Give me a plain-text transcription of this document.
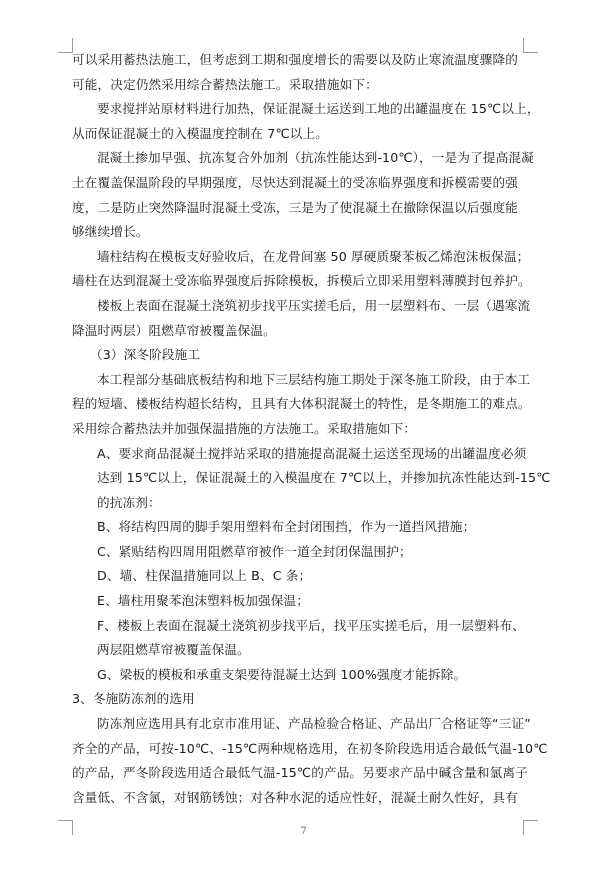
可以采用蓄热法施工，但考虑到工期和强度增长的需要以及防止寒流温度骤降的
可能，决定仍然采用综合蓄热法施工。采取措施如下：
要求搅拌站原材料进行加热，保证混凝土运送到工地的出罐温度在 15℃以上，
从而保证混凝土的入模温度控制在 7℃以上。
混凝土掺加早强、抗冻复合外加剂（抗冻性能达到-10℃），一是为了提高混凝
土在覆盖保温阶段的早期强度，尽快达到混凝土的受冻临界强度和拆模需要的强
度，二是防止突然降温时混凝土受冻，三是为了使混凝土在撤除保温以后强度能
够继续增长。
墙柱结构在模板支好验收后，在龙骨间塞 50 厚硬质聚苯板乙烯泡沫板保温；
墙柱在达到混凝土受冻临界强度后拆除模板，拆模后立即采用塑料薄膜封包养护。
楼板上表面在混凝土浇筑初步找平压实搓毛后，用一层塑料布、一层（遇寒流
降温时两层）阻燃草帘被覆盖保温。
（3）深冬阶段施工
本工程部分基础底板结构和地下三层结构施工期处于深冬施工阶段，由于本工
程的短墙、楼板结构超长结构，且具有大体积混凝土的特性，是冬期施工的难点。
采用综合蓄热法并加强保温措施的方法施工。采取措施如下：
A、要求商品混凝土搅拌站采取的措施提高混凝土运送至现场的出罐温度必须
达到 15℃以上，保证混凝土的入模温度在 7℃以上，并掺加抗冻性能达到-15℃
的抗冻剂：
B、将结构四周的脚手架用塑料布全封闭围挡，作为一道挡风措施；
C、紧贴结构四周用阻燃草帘被作一道全封闭保温围护；
D、墙、柱保温措施同以上 B、C 条；
E、墙柱用聚苯泡沫塑料板加强保温；
F、楼板上表面在混凝土浇筑初步找平后，找平压实搓毛后，用一层塑料布、
两层阻燃草帘被覆盖保温。
G、梁板的模板和承重支架要待混凝土达到 100%强度才能拆除。
3、冬施防冻剂的选用
防冻剂应选用具有北京市准用证、产品检验合格证、产品出厂合格证等“三证”
齐全的产品，可按-10℃、-15℃两种规格选用，在初冬阶段选用适合最低气温-10℃
的产品，严冬阶段选用适合最低气温-15℃的产品。另要求产品中碱含量和氯离子
含量低、不含氯，对钢筋锈蚀；对各种水泥的适应性好，混凝土耐久性好，具有
7
